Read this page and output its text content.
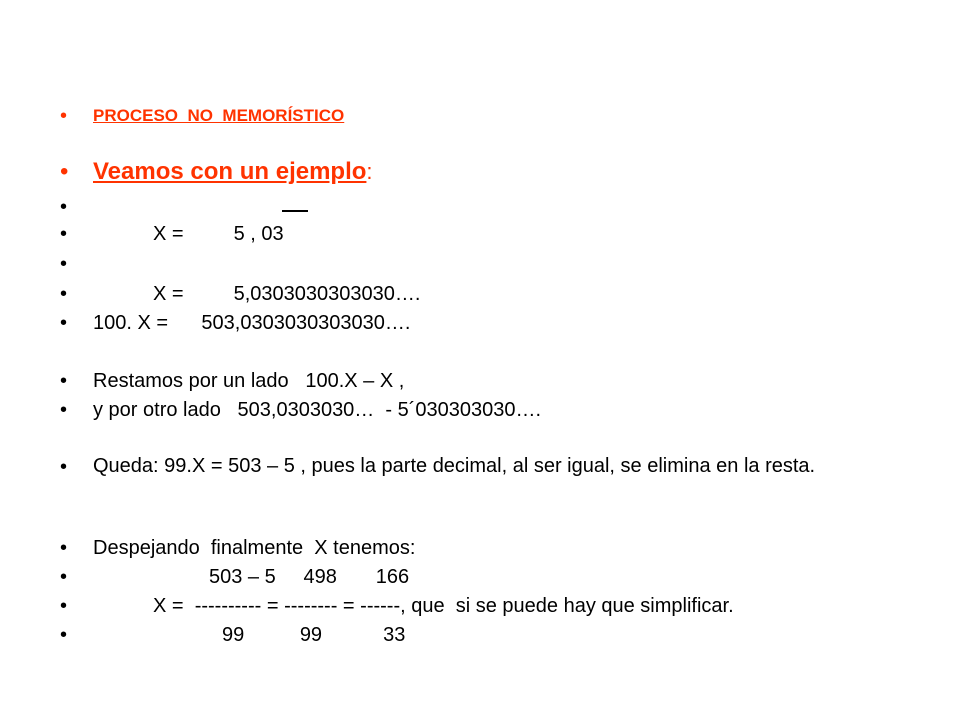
•

PROCESO  NO  MEMORÍSTICO

•

Veamos con un ejemplo:

•

•

	X =         5 , 03

•

•

	X =         5,0303030303030….

•

100. X =      503,0303030303030….

•

Restamos por un lado   100.X – X ,

•

y por otro lado   503,0303030…  - 5´030303030….

•

Queda: 99.X = 503 – 5 , pues la parte decimal, al ser igual, se elimina en la resta.

•

Despejando  finalmente  X tenemos:

•

	503 – 5     498       166

•

	X =  ---------- = -------- = ------, que  si se puede hay que simplificar.

•

	99          99           33
